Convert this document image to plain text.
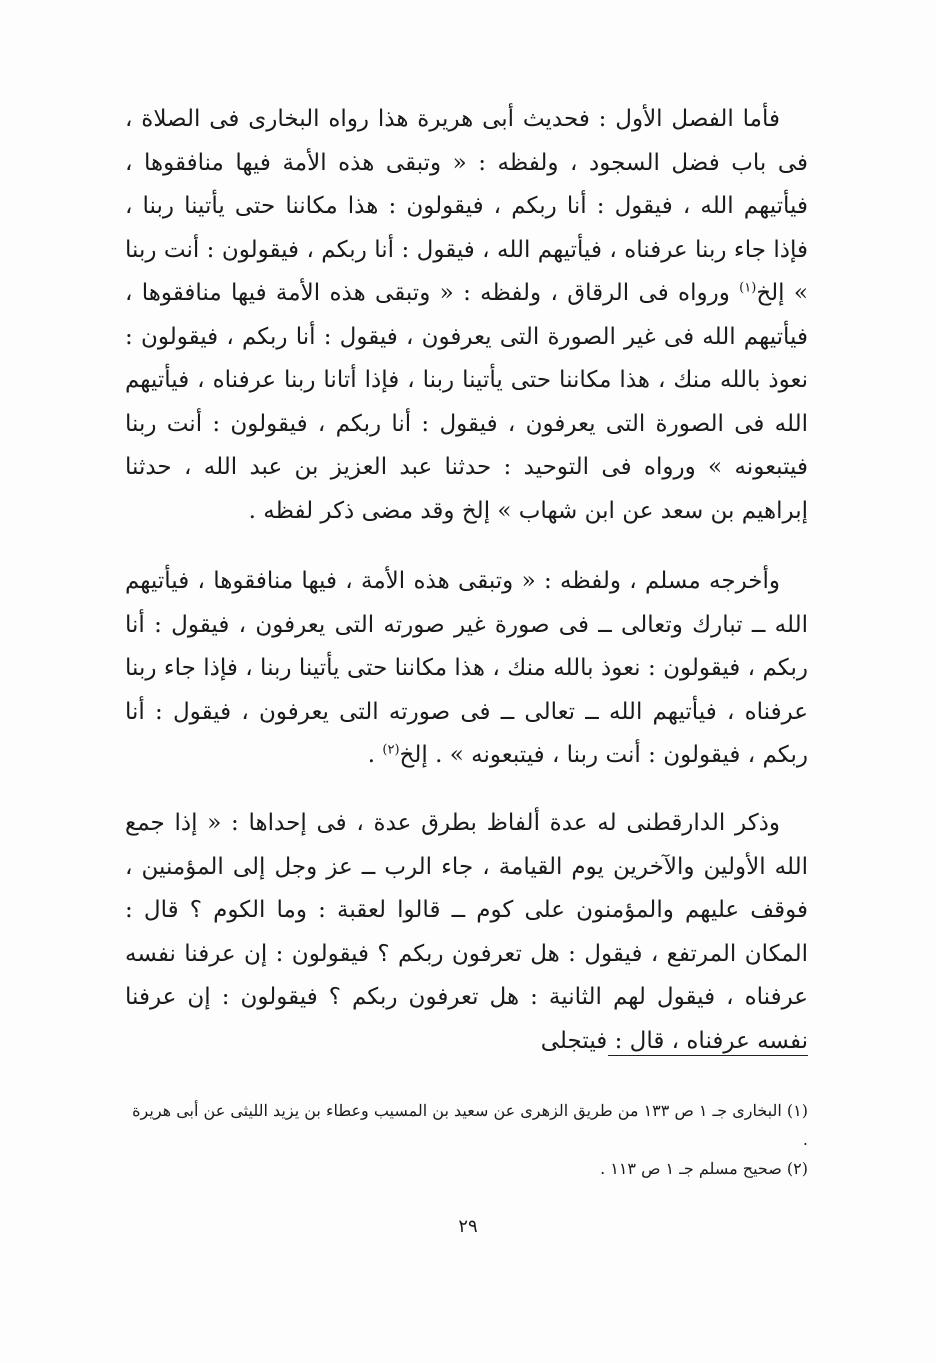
فأما الفصل الأول : فحديث أبى هريرة هذا رواه البخارى فى الصلاة ، فى باب فضل السجود ، ولفظه : « وتبقى هذه الأمة فيها منافقوها ، فيأتيهم الله ، فيقول : أنا ربكم ، فيقولون : هذا مكاننا حتى يأتينا ربنا ، فإذا جاء ربنا عرفناه ، فيأتيهم الله ، فيقول : أنا ربكم ، فيقولون : أنت ربنا » إلخ$^{(١)}$ ورواه فى الرقاق ، ولفظه : « وتبقى هذه الأمة فيها منافقوها ، فيأتيهم الله فى غير الصورة التى يعرفون ، فيقول : أنا ربكم ، فيقولون : نعوذ بالله منك ، هذا مكاننا حتى يأتينا ربنا ، فإذا أتانا ربنا عرفناه ، فيأتيهم الله فى الصورة التى يعرفون ، فيقول : أنا ربكم ، فيقولون : أنت ربنا فيتبعونه » ورواه فى التوحيد : حدثنا عبد العزيز بن عبد الله ، حدثنا إبراهيم بن سعد عن ابن شهاب » إلخ وقد مضى ذكر لفظه .

وأخرجه مسلم ، ولفظه : « وتبقى هذه الأمة ، فيها منافقوها ، فيأتيهم الله ــ تبارك وتعالى ــ فى صورة غير صورته التى يعرفون ، فيقول : أنا ربكم ، فيقولون : نعوذ بالله منك ، هذا مكاننا حتى يأتينا ربنا ، فإذا جاء ربنا عرفناه ، فيأتيهم الله ــ تعالى ــ فى صورته التى يعرفون ، فيقول : أنا ربكم ، فيقولون : أنت ربنا ، فيتبعونه » . إلخ$^{(٢)}$ .

وذكر الدارقطنى له عدة ألفاظ بطرق عدة ، فى إحداها : « إذا جمع الله الأولين والآخرين يوم القيامة ، جاء الرب ــ عز وجل إلى المؤمنين ، فوقف عليهم والمؤمنون على كوم ــ قالوا لعقبة : وما الكوم ؟ قال : المكان المرتفع ، فيقول : هل تعرفون ربكم ؟ فيقولون : إن عرفنا نفسه عرفناه ، فيقول لهم الثانية : هل تعرفون ربكم ؟ فيقولون : إن عرفنا نفسه عرفناه ، قال : فيتجلى

(١) البخارى جـ ١ ص ١٣٣ من طريق الزهرى عن سعيد بن المسيب وعطاء بن يزيد الليثى عن أبى هريرة .

(٢) صحيح مسلم جـ ١ ص ١١٣ .

٢٩
